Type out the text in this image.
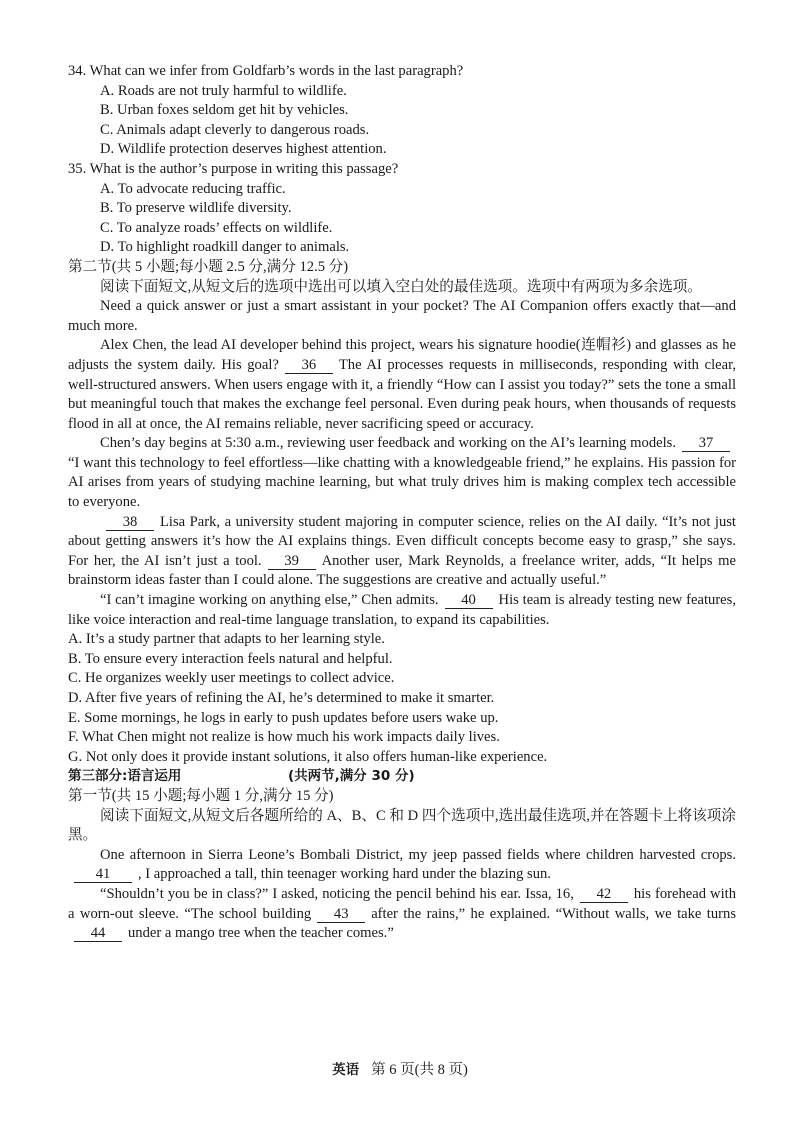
34. What can we infer from Goldfarb’s words in the last paragraph?

A. Roads are not truly harmful to wildlife.

B. Urban foxes seldom get hit by vehicles.

C. Animals adapt cleverly to dangerous roads.

D. Wildlife protection deserves highest attention.

35. What is the author’s purpose in writing this passage?

A. To advocate reducing traffic.

B. To preserve wildlife diversity.

C. To analyze roads’ effects on wildlife.

D. To highlight roadkill danger to animals.

第二节(共 5 小题;每小题 2.5 分,满分 12.5 分)

阅读下面短文,从短文后的选项中选出可以填入空白处的最佳选项。选项中有两项为多余选项。

Need a quick answer or just a smart assistant in your pocket? The AI Companion offers exactly that—and much more.

Alex Chen, the lead AI developer behind this project, wears his signature hoodie(连帽衫) and glasses as he adjusts the system daily. His goal? 36 The AI processes requests in milliseconds, responding with clear, well-structured answers. When users engage with it, a friendly “How can I assist you today?” sets the tone a small but meaningful touch that makes the exchange feel personal. Even during peak hours, when thousands of requests flood in all at once, the AI remains reliable, never sacrificing speed or accuracy.

Chen’s day begins at 5:30 a.m., reviewing user feedback and working on the AI’s learning models. 37“I want this technology to feel effortless—like chatting with a knowledgeable friend,” he explains. His passion for AI arises from years of studying machine learning, but what truly drives him is making complex tech accessible to everyone.

38 Lisa Park, a university student majoring in computer science, relies on the AI daily. “It’s not just about getting answers it’s how the AI explains things. Even difficult concepts become easy to grasp,” she says. For her, the AI isn’t just a tool. 39 Another user, Mark Reynolds, a freelance writer, adds, “It helps me brainstorm ideas faster than I could alone. The suggestions are creative and actually useful.”

“I can’t imagine working on anything else,” Chen admits. 40 His team is already testing new features, like voice interaction and real-time language translation, to expand its capabilities.

A. It’s a study partner that adapts to her learning style.

B. To ensure every interaction feels natural and helpful.

C. He organizes weekly user meetings to collect advice.

D. After five years of refining the AI, he’s determined to make it smarter.

E. Some mornings, he logs in early to push updates before users wake up.

F. What Chen might not realize is how much his work impacts daily lives.

G. Not only does it provide instant solutions, it also offers human-like experience.

第三部分:语言运用	(共两节,满分 30 分)

第一节(共 15 小题;每小题 1 分,满分 15 分)

阅读下面短文,从短文后各题所给的 A、B、C 和 D 四个选项中,选出最佳选项,并在答题卡上将该项涂黑。

One afternoon in Sierra Leone’s Bombali District, my jeep passed fields where children harvested crops.41 , I approached a tall, thin teenager working hard under the blazing sun.

“Shouldn’t you be in class?” I asked, noticing the pencil behind his ear. Issa, 16, 42 his forehead with a worn-out sleeve. “The school building 43 after the rains,” he explained. “Without walls, we take turns44 under a mango tree when the teacher comes.”

英语 第 6 页(共 8 页)
